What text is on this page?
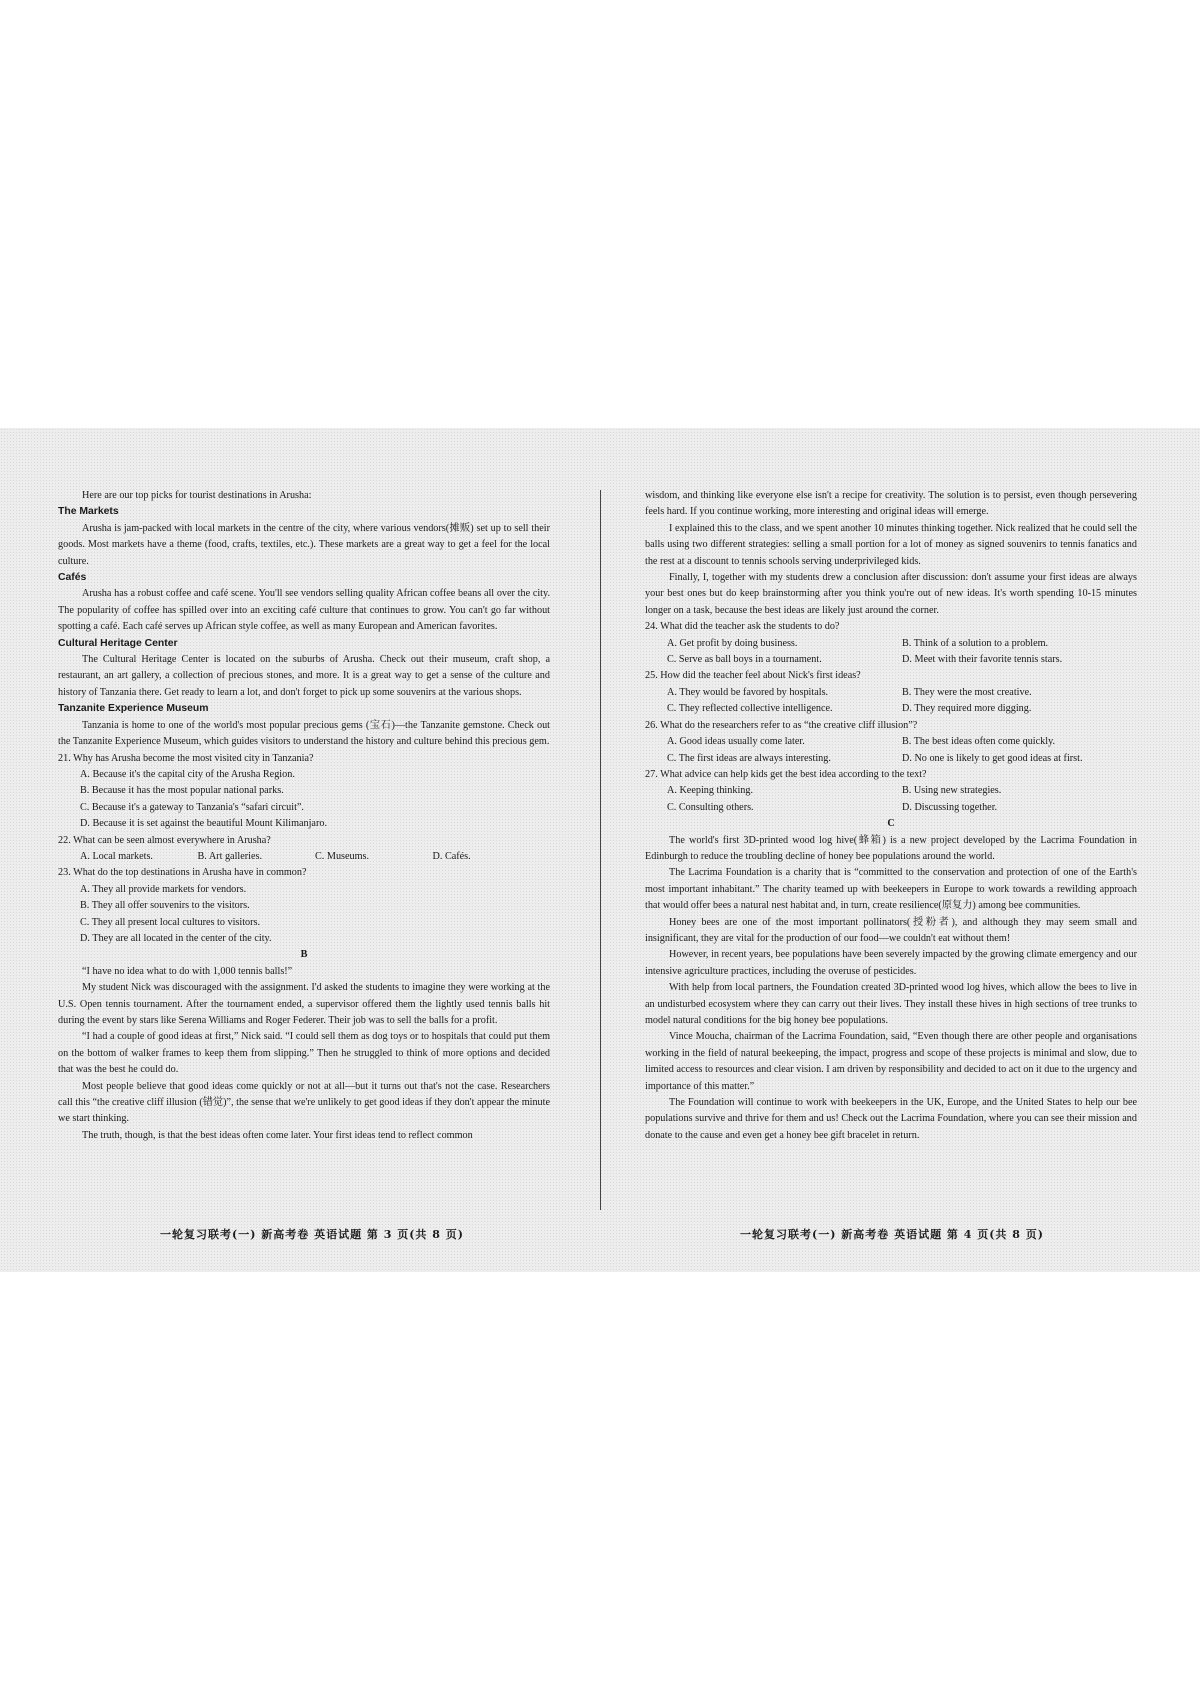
Here are our top picks for tourist destinations in Arusha:

The Markets

Arusha is jam-packed with local markets in the centre of the city, where various vendors(摊贩) set up to sell their goods. Most markets have a theme (food, crafts, textiles, etc.). These markets are a great way to get a feel for the local culture.

Cafés

Arusha has a robust coffee and café scene. You'll see vendors selling quality African coffee beans all over the city. The popularity of coffee has spilled over into an exciting café culture that continues to grow. You can't go far without spotting a café. Each café serves up African style coffee, as well as many European and American favorites.

Cultural Heritage Center

The Cultural Heritage Center is located on the suburbs of Arusha. Check out their museum, craft shop, a restaurant, an art gallery, a collection of precious stones, and more. It is a great way to get a sense of the culture and history of Tanzania there. Get ready to learn a lot, and don't forget to pick up some souvenirs at the various shops.

Tanzanite Experience Museum

Tanzania is home to one of the world's most popular precious gems (宝石)—the Tanzanite gemstone. Check out the Tanzanite Experience Museum, which guides visitors to understand the history and culture behind this precious gem.

21. Why has Arusha become the most visited city in Tanzania?

A. Because it's the capital city of the Arusha Region.

B. Because it has the most popular national parks.

C. Because it's a gateway to Tanzania's “safari circuit”.

D. Because it is set against the beautiful Mount Kilimanjaro.

22. What can be seen almost everywhere in Arusha?

A. Local markets.	B. Art galleries.	C. Museums.	D. Cafés.

23. What do the top destinations in Arusha have in common?

A. They all provide markets for vendors.

B. They all offer souvenirs to the visitors.

C. They all present local cultures to visitors.

D. They are all located in the center of the city.

B

“I have no idea what to do with 1,000 tennis balls!”

My student Nick was discouraged with the assignment. I'd asked the students to imagine they were working at the U.S. Open tennis tournament. After the tournament ended, a supervisor offered them the lightly used tennis balls hit during the event by stars like Serena Williams and Roger Federer. Their job was to sell the balls for a profit.

“I had a couple of good ideas at first,” Nick said. “I could sell them as dog toys or to hospitals that could put them on the bottom of walker frames to keep them from slipping.” Then he struggled to think of more options and decided that was the best he could do.

Most people believe that good ideas come quickly or not at all—but it turns out that's not the case. Researchers call this “the creative cliff illusion (错觉)”, the sense that we're unlikely to get good ideas if they don't appear the minute we start thinking.

The truth, though, is that the best ideas often come later. Your first ideas tend to reflect common

wisdom, and thinking like everyone else isn't a recipe for creativity. The solution is to persist, even though persevering feels hard. If you continue working, more interesting and original ideas will emerge.

I explained this to the class, and we spent another 10 minutes thinking together. Nick realized that he could sell the balls using two different strategies: selling a small portion for a lot of money as signed souvenirs to tennis fanatics and the rest at a discount to tennis schools serving underprivileged kids.

Finally, I, together with my students drew a conclusion after discussion: don't assume your first ideas are always your best ones but do keep brainstorming after you think you're out of new ideas. It's worth spending 10-15 minutes longer on a task, because the best ideas are likely just around the corner.

24. What did the teacher ask the students to do?

A. Get profit by doing business.	B. Think of a solution to a problem.

C. Serve as ball boys in a tournament.	D. Meet with their favorite tennis stars.

25. How did the teacher feel about Nick's first ideas?

A. They would be favored by hospitals.	B. They were the most creative.

C. They reflected collective intelligence.	D. They required more digging.

26. What do the researchers refer to as “the creative cliff illusion”?

A. Good ideas usually come later.	B. The best ideas often come quickly.

C. The first ideas are always interesting.	D. No one is likely to get good ideas at first.

27. What advice can help kids get the best idea according to the text?

A. Keeping thinking.	B. Using new strategies.

C. Consulting others.	D. Discussing together.

C

The world's first 3D-printed wood log hive(蜂箱) is a new project developed by the Lacrima Foundation in Edinburgh to reduce the troubling decline of honey bee populations around the world.

The Lacrima Foundation is a charity that is “committed to the conservation and protection of one of the Earth's most important inhabitant.” The charity teamed up with beekeepers in Europe to work towards a rewilding approach that would offer bees a natural nest habitat and, in turn, create resilience(原复力) among bee communities.

Honey bees are one of the most important pollinators(授粉者), and although they may seem small and insignificant, they are vital for the production of our food—we couldn't eat without them!

However, in recent years, bee populations have been severely impacted by the growing climate emergency and our intensive agriculture practices, including the overuse of pesticides.

With help from local partners, the Foundation created 3D-printed wood log hives, which allow the bees to live in an undisturbed ecosystem where they can carry out their lives. They install these hives in high sections of tree trunks to model natural conditions for the big honey bee populations.

Vince Moucha, chairman of the Lacrima Foundation, said, “Even though there are other people and organisations working in the field of natural beekeeping, the impact, progress and scope of these projects is minimal and slow, due to limited access to resources and clear vision. I am driven by responsibility and decided to act on it due to the urgency and importance of this matter.”

The Foundation will continue to work with beekeepers in the UK, Europe, and the United States to help our bee populations survive and thrive for them and us! Check out the Lacrima Foundation, where you can see their mission and donate to the cause and even get a honey bee gift bracelet in return.

一轮复习联考(一) 新高考卷 英语试题 第 3 页(共 8 页)	一轮复习联考(一) 新高考卷 英语试题 第 4 页(共 8 页)
